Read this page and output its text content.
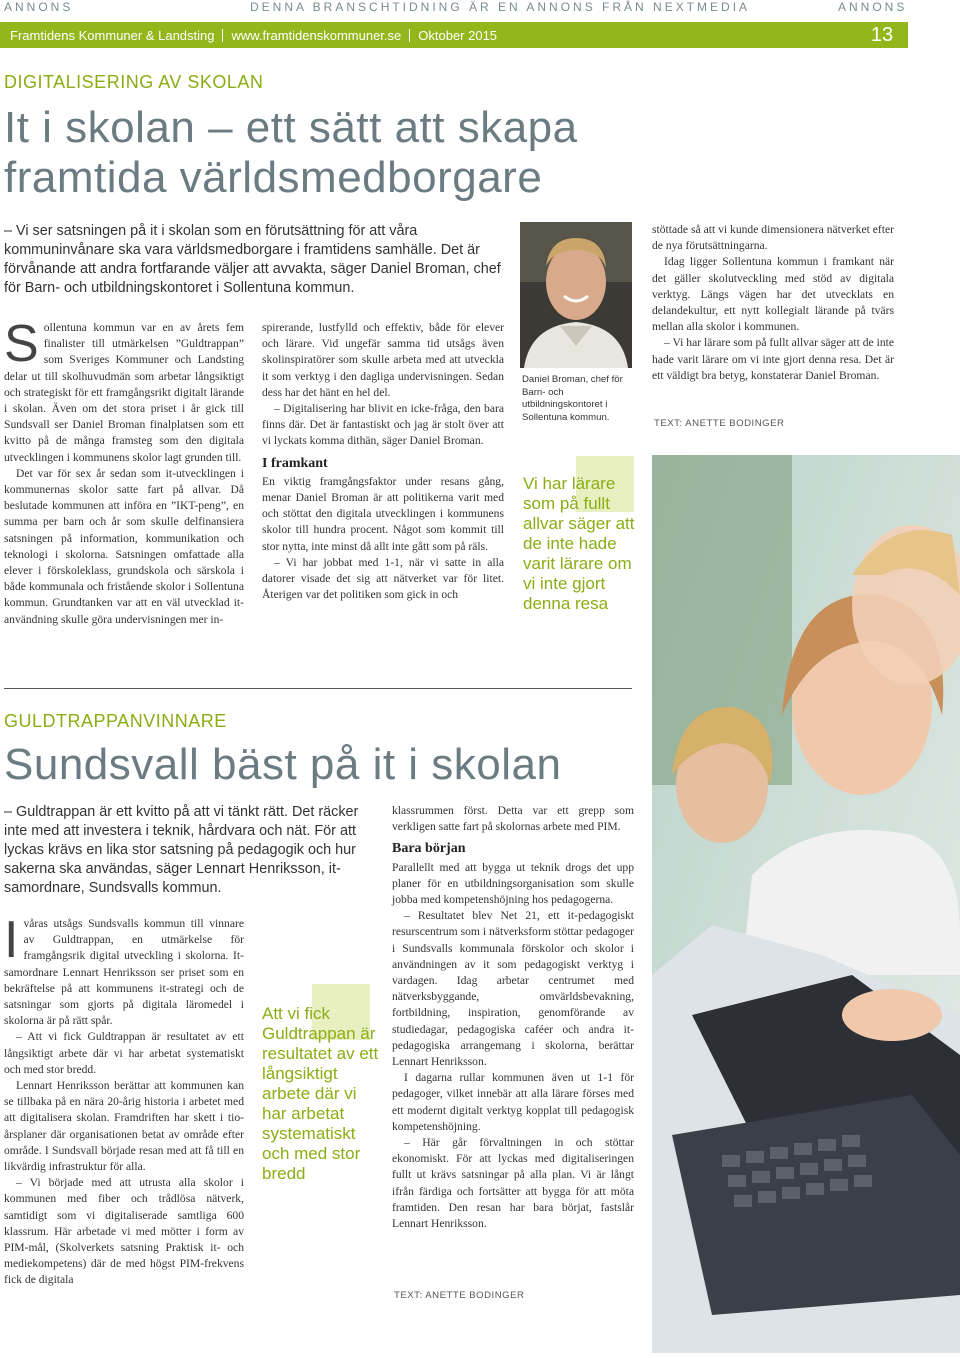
ANNONS	DENNA BRANSCHTIDNING ÄR EN ANNONS FRÅN NEXTMEDIA	ANNONS
Framtidens Kommuner & Landsting www.framtidenskommuner.se Oktober 2015	13
DIGITALISERING AV SKOLAN
It i skolan – ett sätt att skapa
framtida världsmedborgare
– Vi ser satsningen på it i skolan som en förutsättning för att våra kommuninvånare ska vara världsmedborgare i framtidens samhälle. Det är förvånande att andra fortfarande väljer att avvakta, säger Daniel Broman, chef för Barn- och utbildningskontoret i Sollentuna kommun.

Sollentuna kommun var en av årets fem finalister till utmärkelsen ”Guldtrappan” som Sveriges Kommuner och Landsting delar ut till skolhuvudmän som arbetar långsiktigt och strategiskt för ett framgångsrikt digitalt lärande i skolan. Även om det stora priset i år gick till Sundsvall ser Daniel Broman finalplatsen som ett kvitto på de många framsteg som den digitala utvecklingen i kommunens skolor lagt grunden till.

Det var för sex år sedan som it-utvecklingen i kommunernas skolor satte fart på allvar. Då beslutade kommunen att införa en ”IKT-peng”, en summa per barn och år som skulle delfinansiera satsningen på information, kommunikation och teknologi i skolorna. Satsningen omfattade alla elever i förskoleklass, grundskola och särskola i både kommunala och fristående skolor i Sollentuna kommun. Grundtanken var att en väl utvecklad it-användning skulle göra undervisningen mer in-

spirerande, lustfylld och effektiv, både för elever och lärare. Vid ungefär samma tid utsågs även skolinspiratörer som skulle arbeta med att utveckla it som verktyg i den dagliga undervisningen. Sedan dess har det hänt en hel del.

– Digitalisering har blivit en icke-fråga, den bara finns där. Det är fantastiskt och jag är stolt över att vi lyckats komma dithän, säger Daniel Broman.

I framkant

En viktig framgångsfaktor under resans gång, menar Daniel Broman är att politikerna varit med och stöttat den digitala utvecklingen i kommunens skolor till hundra procent. Något som kommit till stor nytta, inte minst då allt inte gått som på räls.

– Vi har jobbat med 1-1, när vi satte in alla datorer visade det sig att nätverket var för litet. Återigen var det politiken som gick in och

Daniel Broman, chef för Barn- och utbildningskontoret i Sollentuna kommun.
Vi har lärare som på fullt allvar säger att de inte hade varit lärare om vi inte gjort denna resa

stöttade så att vi kunde dimensionera nätverket efter de nya förutsättningarna.

Idag ligger Sollentuna kommun i framkant när det gäller skolutveckling med stöd av digitala verktyg. Längs vägen har det utvecklats en delandekultur, ett nytt kollegialt lärande på tvärs mellan alla skolor i kommunen.

– Vi har lärare som på fullt allvar säger att de inte hade varit lärare om vi inte gjort denna resa. Det är ett väldigt bra betyg, konstaterar Daniel Broman.

TEXT: ANETTE BODINGER
GULDTRAPPANVINNARE
Sundsvall bäst på it i skolan
– Guldtrappan är ett kvitto på att vi tänkt rätt. Det räcker inte med att investera i teknik, hårdvara och nät. För att lyckas krävs en lika stor satsning på pedagogik och hur sakerna ska användas, säger Lennart Henriksson, it-samordnare, Sundsvalls kommun.

Ivåras utsågs Sundsvalls kommun till vinnare av Guldtrappan, en utmärkelse för framgångsrik digital utveckling i skolorna. It-samordnare Lennart Henriksson ser priset som en bekräftelse på att kommunens it-strategi och de satsningar som gjorts på digitala läromedel i skolorna är på rätt spår.

– Att vi fick Guldtrappan är resultatet av ett långsiktigt arbete där vi har arbetat systematiskt och med stor bredd.

Lennart Henriksson berättar att kommunen kan se tillbaka på en nära 20-årig historia i arbetet med att digitalisera skolan. Framdriften har skett i tio-årsplaner där organisationen betat av område efter område. I Sundsvall började resan med att få till en likvärdig infrastruktur för alla.

– Vi började med att utrusta alla skolor i kommunen med fiber och trådlösa nätverk, samtidigt som vi digitaliserade samtliga 600 klassrum. Här arbetade vi med mötter i form av PIM-mål, (Skolverkets satsning Praktisk it- och mediekompetens) där de med högst PIM-frekvens fick de digitala

Att vi fick Guldtrappan är resultatet av ett långsiktigt arbete där vi har arbetat systematiskt och med stor bredd

klassrummen först. Detta var ett grepp som verkligen satte fart på skolornas arbete med PIM.

Bara början

Parallellt med att bygga ut teknik drogs det upp planer för en utbildningsorganisation som skulle jobba med kompetenshöjning hos pedagogerna.

– Resultatet blev Net 21, ett it-pedagogiskt resurscentrum som i nätverksform stöttar pedagoger i Sundsvalls kommunala förskolor och skolor i användningen av it som pedagogiskt verktyg i vardagen. Idag arbetar centrumet med nätverksbyggande, omvärldsbevakning, fortbildning, inspiration, genomförande av studiedagar, pedagogiska caféer och andra it-pedagogiska arrangemang i skolorna, berättar Lennart Henriksson.

I dagarna rullar kommunen även ut 1-1 för pedagoger, vilket innebär att alla lärare förses med ett modernt digitalt verktyg kopplat till pedagogisk kompetenshöjning.

– Här går förvaltningen in och stöttar ekonomiskt. För att lyckas med digitaliseringen fullt ut krävs satsningar på alla plan. Vi är långt ifrån färdiga och fortsätter att bygga för att möta framtiden. Den resan har bara börjat, fastslår Lennart Henriksson.

TEXT: ANETTE BODINGER
